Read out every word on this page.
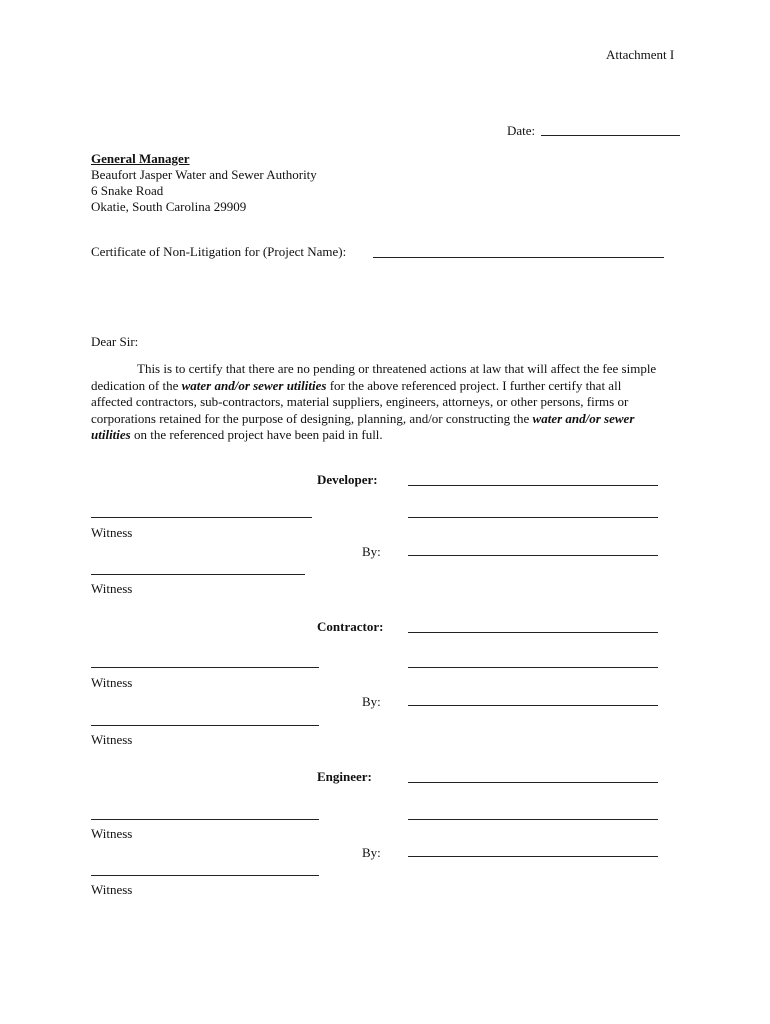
Attachment I
Date:
General Manager
Beaufort Jasper Water and Sewer Authority
6 Snake Road
Okatie, South Carolina 29909
Certificate of Non-Litigation for (Project Name):
Dear Sir:
This is to certify that there are no pending or threatened actions at law that will affect the fee simple dedication of the water and/or sewer utilities for the above referenced project. I further certify that all affected contractors, sub-contractors, material suppliers, engineers, attorneys, or other persons, firms or corporations retained for the purpose of designing, planning, and/or constructing the water and/or sewer utilities on the referenced project have been paid in full.
Developer:
Witness
By:
Witness
Contractor:
Witness
By:
Witness
Engineer:
Witness
By:
Witness
